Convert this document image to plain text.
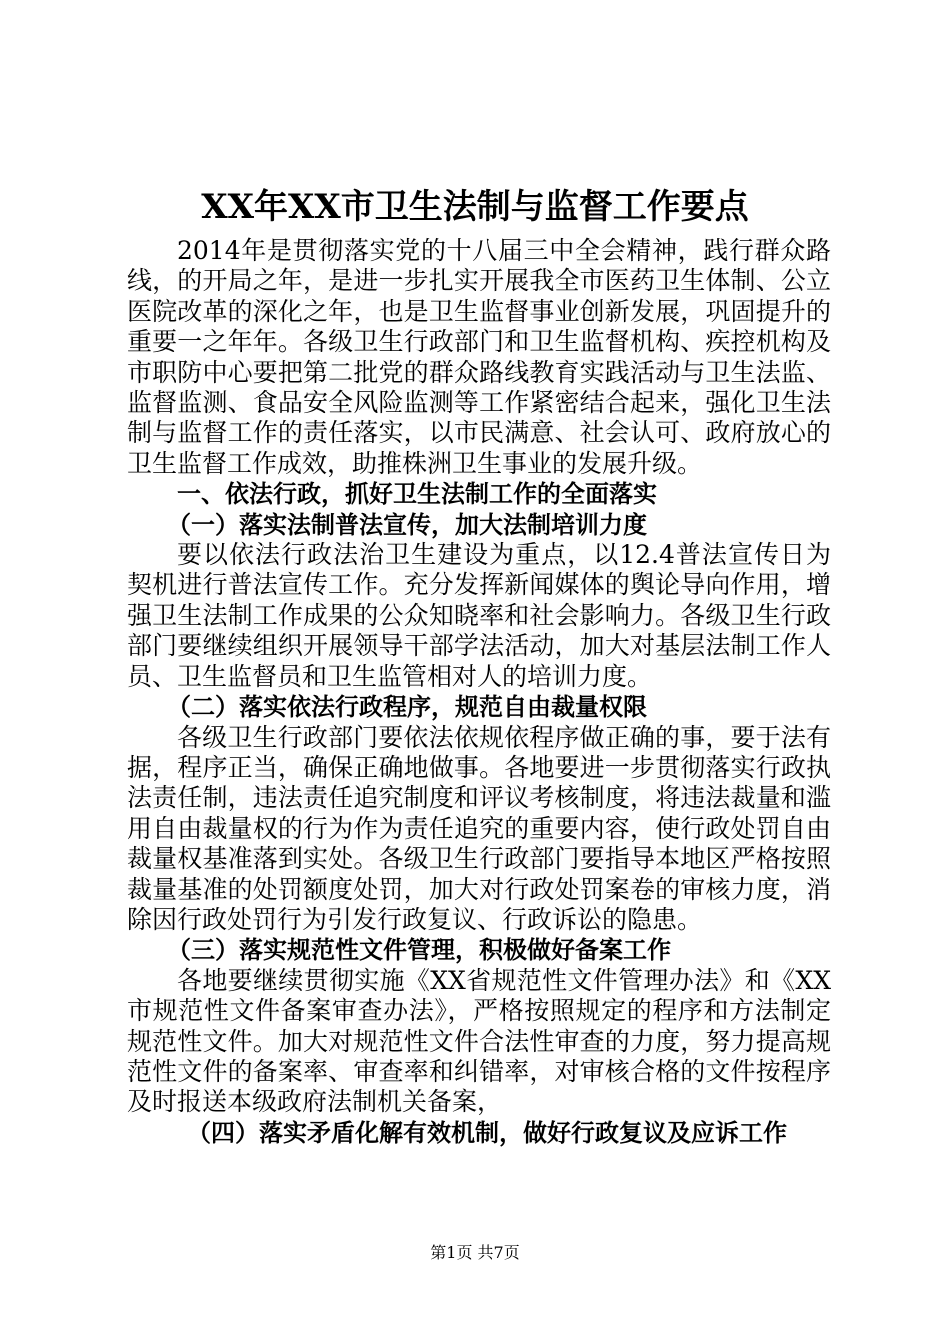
XX年XX市卫生法制与监督工作要点

2014年是贯彻落实党的十八届三中全会精神，践行群众路线，的开局之年，是进一步扎实开展我全市医药卫生体制、公立医院改革的深化之年，也是卫生监督事业创新发展，巩固提升的重要一之年年。各级卫生行政部门和卫生监督机构、疾控机构及市职防中心要把第二批党的群众路线教育实践活动与卫生法监、监督监测、食品安全风险监测等工作紧密结合起来，强化卫生法制与监督工作的责任落实，以市民满意、社会认可、政府放心的卫生监督工作成效，助推株洲卫生事业的发展升级。

一、依法行政，抓好卫生法制工作的全面落实

（一）落实法制普法宣传，加大法制培训力度

要以依法行政法治卫生建设为重点，以12.4普法宣传日为契机进行普法宣传工作。充分发挥新闻媒体的舆论导向作用，增强卫生法制工作成果的公众知晓率和社会影响力。各级卫生行政部门要继续组织开展领导干部学法活动，加大对基层法制工作人员、卫生监督员和卫生监管相对人的培训力度。

（二）落实依法行政程序，规范自由裁量权限

各级卫生行政部门要依法依规依程序做正确的事，要于法有据，程序正当，确保正确地做事。各地要进一步贯彻落实行政执法责任制，违法责任追究制度和评议考核制度，将违法裁量和滥用自由裁量权的行为作为责任追究的重要内容，使行政处罚自由裁量权基准落到实处。各级卫生行政部门要指导本地区严格按照裁量基准的处罚额度处罚，加大对行政处罚案卷的审核力度，消除因行政处罚行为引发行政复议、行政诉讼的隐患。

（三）落实规范性文件管理，积极做好备案工作

各地要继续贯彻实施《XX省规范性文件管理办法》和《XX市规范性文件备案审查办法》，严格按照规定的程序和方法制定规范性文件。加大对规范性文件合法性审查的力度，努力提高规范性文件的备案率、审查率和纠错率，对审核合格的文件按程序及时报送本级政府法制机关备案，

（四）落实矛盾化解有效机制，做好行政复议及应诉工作

第1页 共7页
